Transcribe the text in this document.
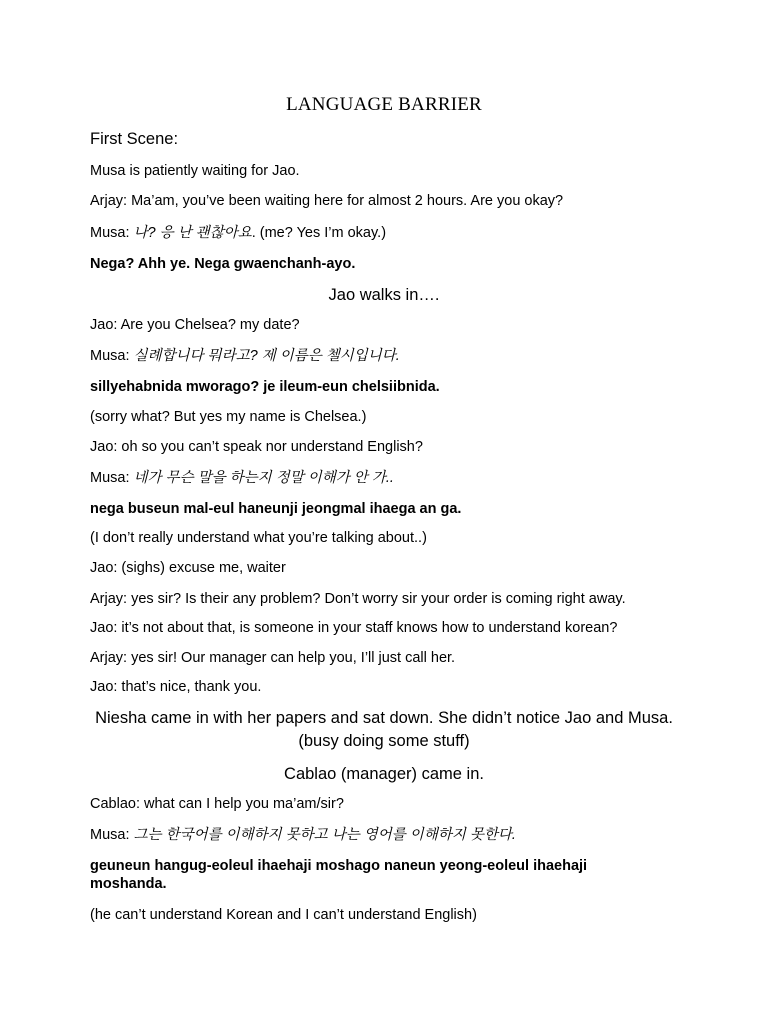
LANGUAGE BARRIER
First Scene:
Musa is patiently waiting for Jao.
Arjay: Ma’am, you’ve been waiting here for almost 2 hours. Are you okay?
Musa: 나? 응 난 괜찮아요. (me? Yes I’m okay.)
Nega? Ahh ye. Nega gwaenchanh-ayo.
Jao walks in….
Jao: Are you Chelsea? my date?
Musa: 실례합니다 뭐라고? 제 이름은 첼시입니다.
sillyehabnida mworago? je ileum-eun chelsiibnida.
(sorry what? But yes my name is Chelsea.)
Jao: oh so you can’t speak nor understand English?
Musa: 네가 무슨 말을 하는지 정말 이해가 안 가..
nega buseun mal-eul haneunji jeongmal ihaega an ga.
(I don’t really understand what you’re talking about..)
Jao: (sighs) excuse me, waiter
Arjay: yes sir? Is their any problem? Don’t worry sir your order is coming right away.
Jao: it’s not about that, is someone in your staff knows how to understand korean?
Arjay: yes sir! Our manager can help you, I’ll just call her.
Jao: that’s nice, thank you.
Niesha came in with her papers and sat down. She didn’t notice Jao and Musa. (busy doing some stuff)
Cablao (manager) came in.
Cablao: what can I help you ma’am/sir?
Musa: 그는 한국어를 이해하지 못하고 나는 영어를 이해하지 못한다.
geuneun hangug-eoleul ihaehaji moshago naneun yeong-eoleul ihaehaji moshanda.
(he can’t understand Korean and I can’t understand English)
